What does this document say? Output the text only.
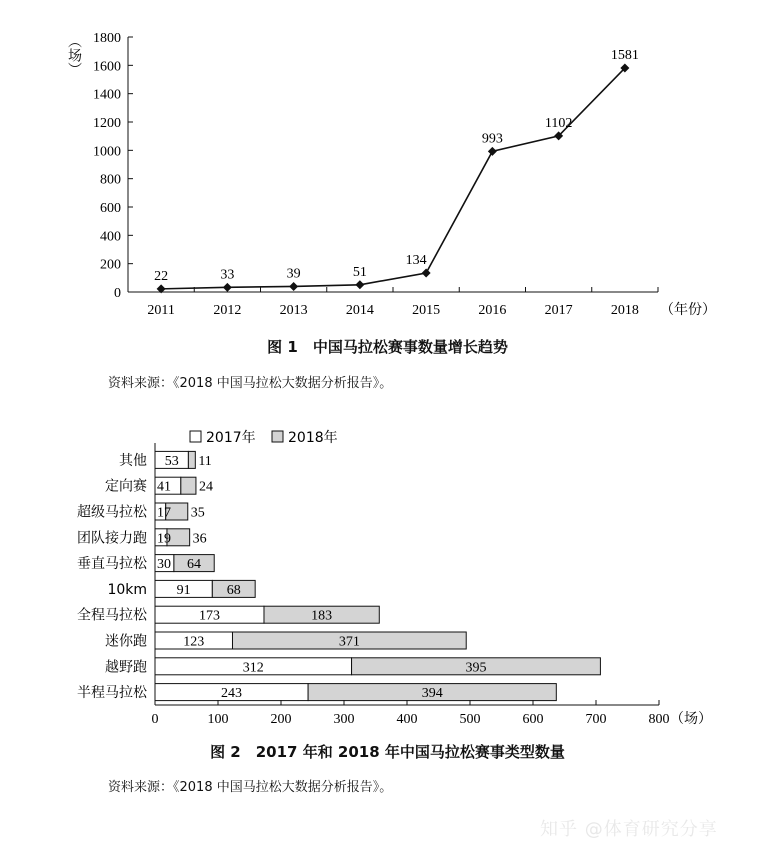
0
200
400
600
800
1000
1200
1400
1600
1800
2011	2012	2013	2014	2015	2016	2017	2018 （年份）
（场）
22	33	39	51
134
993
1102
1581
图 1　中国马拉松赛事数量增长趋势
资料来源：《2018 中国马拉松大数据分析报告》。
2017年 2018年
其他 53 11
定向赛 41 24
超级马拉松 17 35
团队接力跑 19 36
垂直马拉松 30 64
10km 91	68
全程马拉松	173	183
迷你跑	123	371
越野跑	312	395
半程马拉松	243	394
0	100	200	300	400	500	600	700	800 （场）
图 2　2017 年和 2018 年中国马拉松赛事类型数量
资料来源：《2018 中国马拉松大数据分析报告》。
知乎 @体育研究分享
